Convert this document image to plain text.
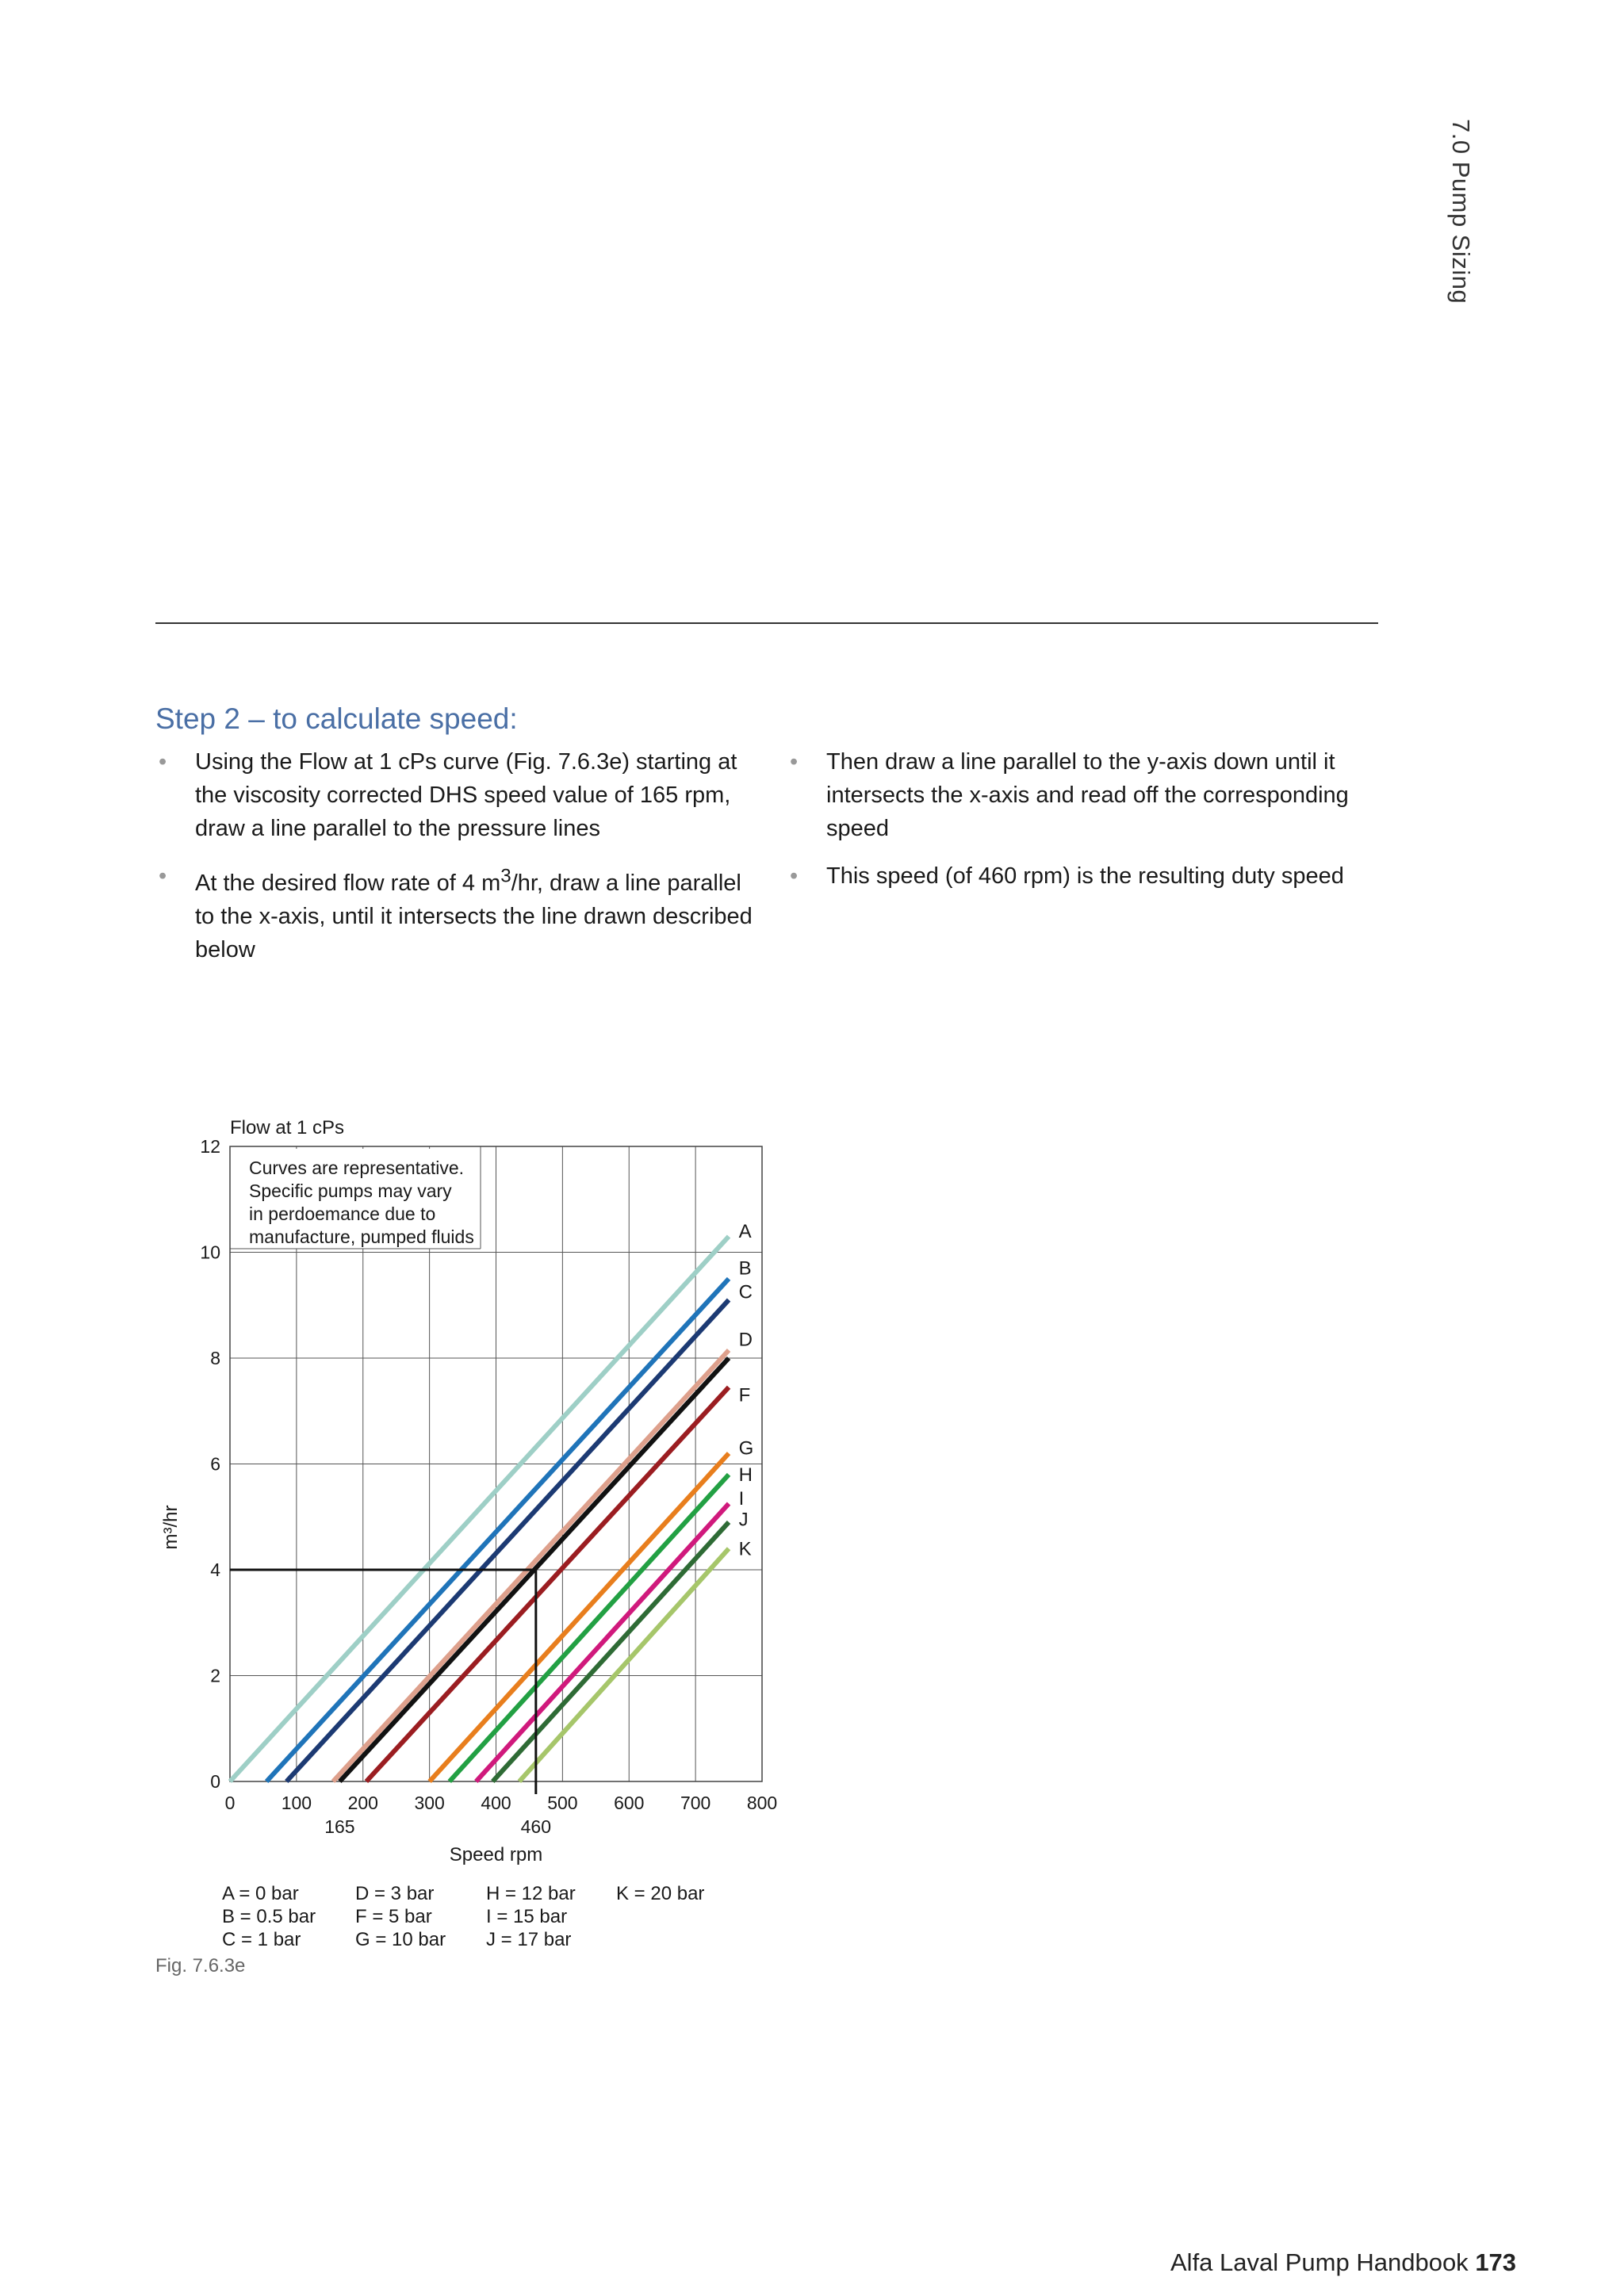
7.0 Pump Sizing
Step 2 – to calculate speed:
• Using the Flow at 1 cPs curve (Fig. 7.6.3e) starting at the viscosity corrected DHS speed value of 165 rpm, draw a line parallel to the pressure lines
• At the desired flow rate of 4 $m^3/hr$, draw a line parallel to the x-axis, until it intersects the line drawn described below
• Then draw a line parallel to the y-axis down until it intersects the x-axis and read off the corresponding speed
• This speed (of 460 rpm) is the resulting duty speed
Curves are representative.
Specific pumps may vary
in perdoemance due to
manufacture, pumped fluids	A
B
C
D
F
G
H
I
J
K
0	100 200 300 400 500 600 700 800
0
2
4
6
8
10
12
165	460
Flow at 1 cPs
Speed rpm
m³/hr
A = 0 bar
B = 0.5 bar
C = 1 bar
D = 3 bar
F = 5 bar
G = 10 bar
H = 12 bar
I = 15 bar
J = 17 bar
K = 20 bar
Fig. 7.6.3e
Alfa Laval Pump Handbook 173
